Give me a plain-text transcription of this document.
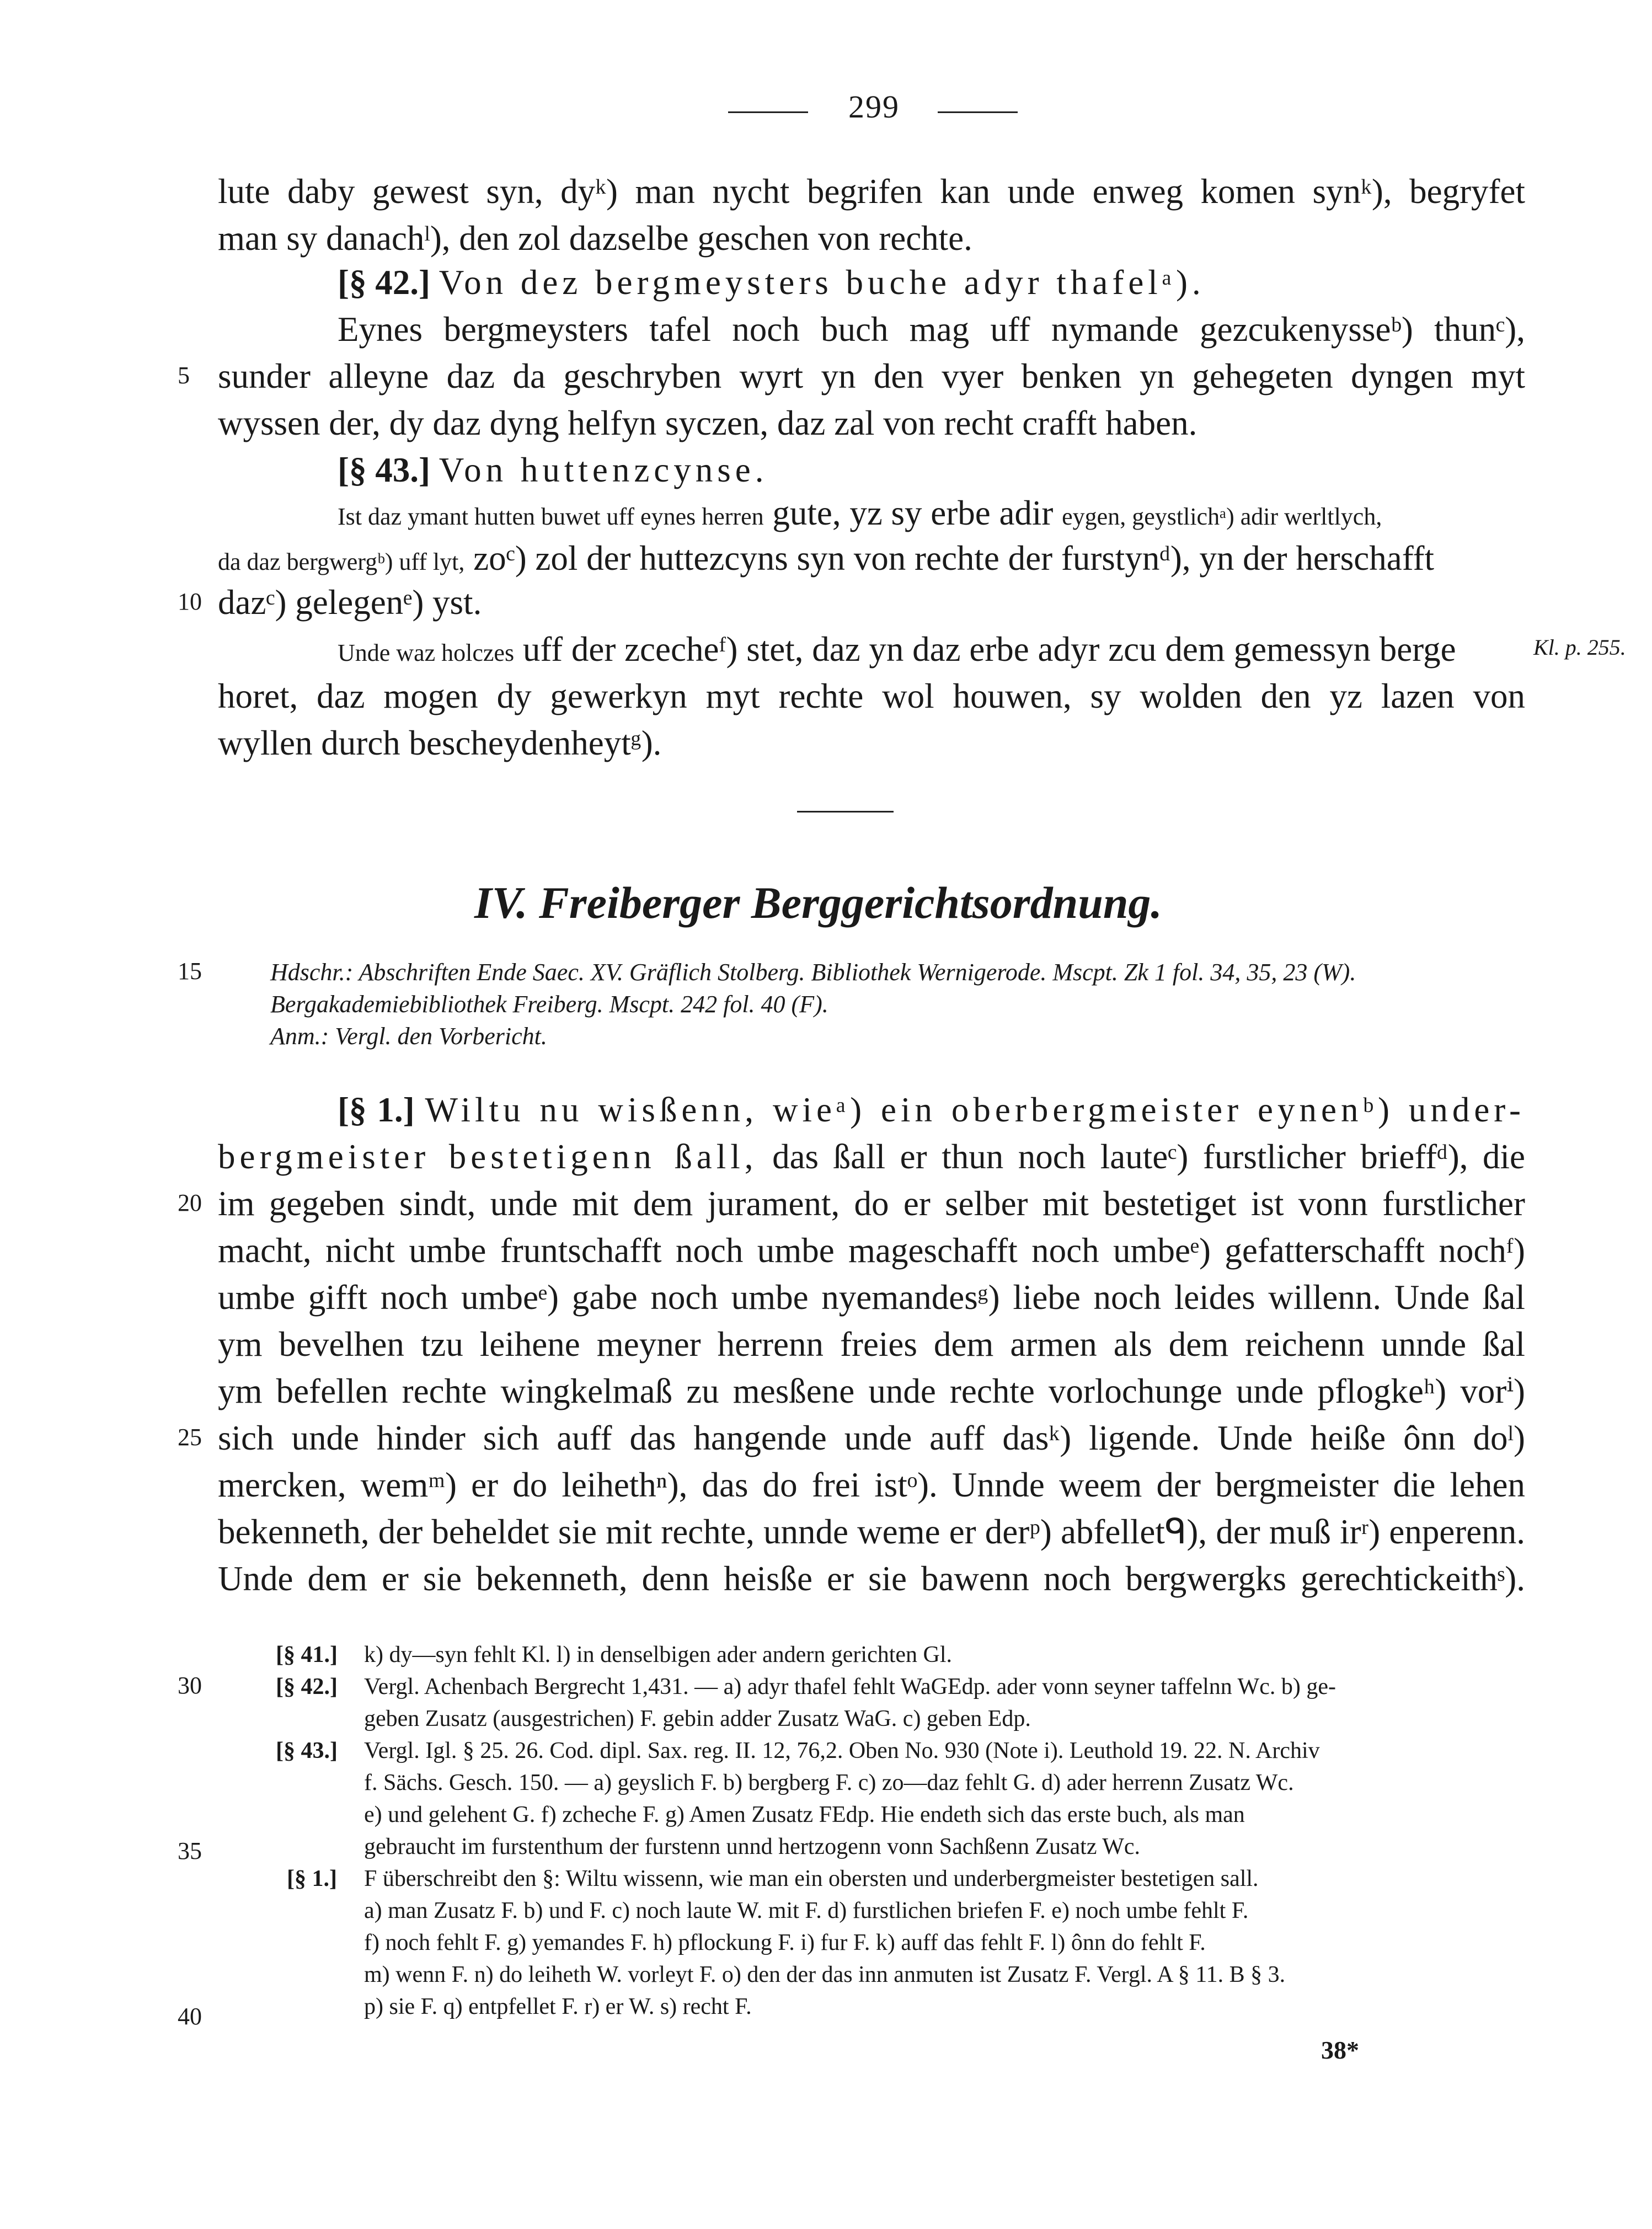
299
lute daby gewest syn, dyᵏ) man nycht begrifen kan unde enweg komen synᵏ), begryfet
man sy danachˡ), den zol dazselbe geschen von rechte.
[§ 42.] Von dez bergmeysters buche adyr thafelᵃ).
Eynes bergmeysters tafel noch buch mag uff nymande gezcukenysseᵇ) thunᶜ),
sunder alleyne daz da geschryben wyrt yn den vyer benken yn gehegeten dyngen myt
wyssen der, dy daz dyng helfyn syczen, daz zal von recht crafft haben.
[§ 43.] Von huttenzcynse.
Ist daz ymant hutten buwet uff eynes herren gute, yz sy erbe adir eygen, geystlichᵃ) adir werltlych,
da daz bergwergᵇ) uff lyt, zoᶜ) zol der huttezcyns syn von rechte der furstynᵈ), yn der herschafft
dazᶜ) gelegenᵉ) yst.
Unde waz holczes uff der zcecheᶠ) stet, daz yn daz erbe adyr zcu dem gemessyn berge
horet, daz mogen dy gewerkyn myt rechte wol houwen, sy wolden den yz lazen von
wyllen durch bescheydenheytᵍ).
Kl. p. 255.
IV. Freiberger Berggerichtsordnung.
Hdschr.: Abschriften Ende Saec. XV. Gräflich Stolberg. Bibliothek Wernigerode. Mscpt. Zk 1 fol. 34, 35, 23 (W).
Bergakademiebibliothek Freiberg. Mscpt. 242 fol. 40 (F).
Anm.: Vergl. den Vorbericht.
[§ 1.] Wiltu nu wisßenn, wieᵃ) ein oberbergmeister eynenᵇ) under-
bergmeister bestetigenn ßall, das ßall er thun noch lauteᶜ) furstlicher brieffᵈ), die
im gegeben sindt, unde mit dem jurament, do er selber mit bestetiget ist vonn furstlicher
macht, nicht umbe fruntschafft noch umbe mageschafft noch umbeᵉ) gefatterschafft nochᶠ)
umbe gifft noch umbeᵉ) gabe noch umbe nyemandesᵍ) liebe noch leides willenn. Unde ßal
ym bevelhen tzu leihene meyner herrenn freies dem armen als dem reichenn unnde ßal
ym befellen rechte wingkelmaß zu mesßene unde rechte vorlochunge unde pflogkeʰ) vorⁱ)
sich unde hinder sich auff das hangende unde auff dasᵏ) ligende. Unde heiße ônn doˡ)
mercken, wemᵐ) er do leihethⁿ), das do frei istᵒ). Unnde weem der bergmeister die lehen
bekenneth, der beheldet sie mit rechte, unnde weme er derᵖ) abfelletᑫ), der muß irʳ) enperenn.
Unde dem er sie bekenneth, denn heisße er sie bawenn noch bergwergks gerechtickeithˢ).
5
10
15
20
25
30
35
40
[§ 41.] k) dy—syn fehlt Kl. l) in denselbigen ader andern gerichten Gl.
[§ 42.] Vergl. Achenbach Bergrecht 1,431. — a) adyr thafel fehlt WaGEdp. ader vonn seyner taffelnn Wc. b) ge-
geben Zusatz (ausgestrichen) F. gebin adder Zusatz WaG. c) geben Edp.
[§ 43.] Vergl. Igl. § 25. 26. Cod. dipl. Sax. reg. II. 12, 76,2. Oben No. 930 (Note i). Leuthold 19. 22. N. Archiv
f. Sächs. Gesch. 150. — a) geyslich F. b) bergberg F. c) zo—daz fehlt G. d) ader herrenn Zusatz Wc.
e) und gelehent G. f) zcheche F. g) Amen Zusatz FEdp. Hie endeth sich das erste buch, als man
gebraucht im furstenthum der furstenn unnd hertzogenn vonn Sachßenn Zusatz Wc.
[§ 1.] F überschreibt den §: Wiltu wissenn, wie man ein obersten und underbergmeister bestetigen sall.
a) man Zusatz F. b) und F. c) noch laute W. mit F. d) furstlichen briefen F. e) noch umbe fehlt F.
f) noch fehlt F. g) yemandes F. h) pflockung F. i) fur F. k) auff das fehlt F. l) ônn do fehlt F.
m) wenn F. n) do leiheth W. vorleyt F. o) den der das inn anmuten ist Zusatz F. Vergl. A § 11. B § 3.
p) sie F. q) entpfellet F. r) er W. s) recht F.
38*
